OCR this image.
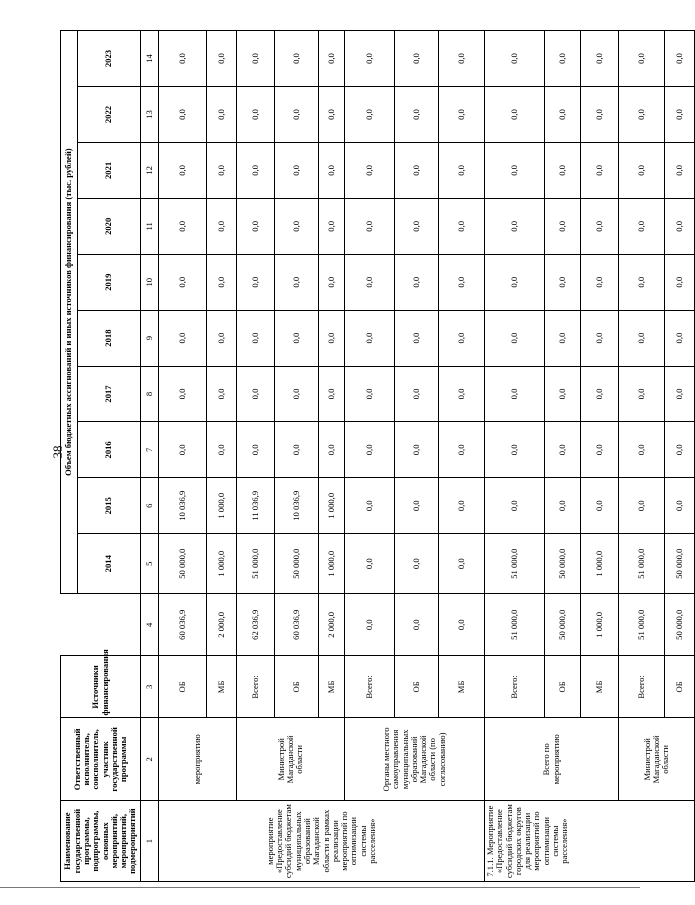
38
Наименование государственной программы, подпрограммы, основных мероприятий, мероприятий, подмероприятий	Ответственный исполнитель, соисполнитель, участник государственной программы	Источники финансирования		Объем бюджетных ассигнований и иных источников финансирования (тыс. рублей)									
				2014	2015	2016	2017	2018	2019	2020	2021	2022	2023
1	2	3	4	5	6	7	8	9	10	11	12	13	14
мероприятие «Предоставление субсидий бюджетам муниципальных образований Магаданской области в рамках реализации мероприятий по оптимизации системы расселения»	мероприятию	ОБ	60 036,9	50 000,0	10 036,9	0,0	0,0	0,0	0,0	0,0	0,0	0,0	0,0
		МБ	2 000,0	1 000,0	1 000,0	0,0	0,0	0,0	0,0	0,0	0,0	0,0	0,0
	Министрой Магаданской области	Всего:	62 036,9	51 000,0	11 036,9	0,0	0,0	0,0	0,0	0,0	0,0	0,0	0,0
		ОБ	60 036,9	50 000,0	10 036,9	0,0	0,0	0,0	0,0	0,0	0,0	0,0	0,0
		МБ	2 000,0	1 000,0	1 000,0	0,0	0,0	0,0	0,0	0,0	0,0	0,0	0,0
	Органы местного самоуправления муниципальных образований Магаданской области (по согласованию)	Всего:	0,0	0,0	0,0	0,0	0,0	0,0	0,0	0,0	0,0	0,0	0,0
		ОБ	0,0	0,0	0,0	0,0	0,0	0,0	0,0	0,0	0,0	0,0	0,0
		МБ	0,0	0,0	0,0	0,0	0,0	0,0	0,0	0,0	0,0	0,0	0,0
7.1.1. Мероприятие «Предоставление субсидий бюджетам городских округов для реализации мероприятий по оптимизации системы расселения»	Всего по мероприятию	Всего:	51 000,0	51 000,0	0,0	0,0	0,0	0,0	0,0	0,0	0,0	0,0	0,0
		ОБ	50 000,0	50 000,0	0,0	0,0	0,0	0,0	0,0	0,0	0,0	0,0	0,0
		МБ	1 000,0	1 000,0	0,0	0,0	0,0	0,0	0,0	0,0	0,0	0,0	0,0
	Министрой Магаданской области	Всего:	51 000,0	51 000,0	0,0	0,0	0,0	0,0	0,0	0,0	0,0	0,0	0,0
		ОБ	50 000,0	50 000,0	0,0	0,0	0,0	0,0	0,0	0,0	0,0	0,0	0,0
